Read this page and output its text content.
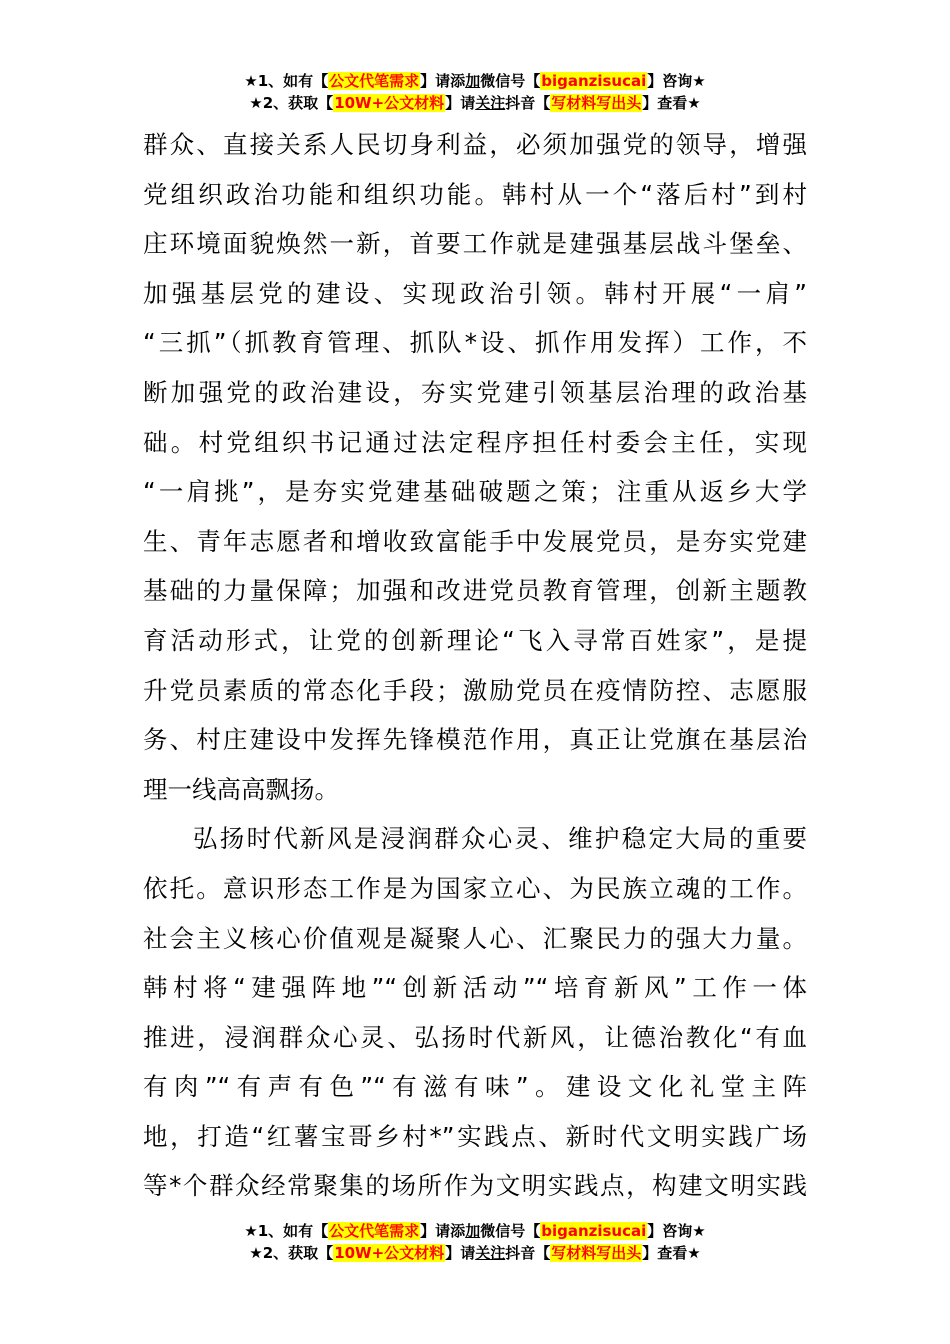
★1、如有【公文代笔需求】请添加微信号【biganzisucai】咨询★
★2、获取【10W+公文材料】请关注抖音【写材料写出头】查看★
群众、直接关系人民切身利益，必须加强党的领导，增强
党组织政治功能和组织功能。韩村从一个“落后村”到村
庄环境面貌焕然一新，首要工作就是建强基层战斗堡垒、
加强基层党的建设、实现政治引领。韩村开展“一肩”
“三抓”（抓教育管理、抓队*设、抓作用发挥）工作，不
断加强党的政治建设，夯实党建引领基层治理的政治基
础。村党组织书记通过法定程序担任村委会主任，实现
“一肩挑”，是夯实党建基础破题之策；注重从返乡大学
生、青年志愿者和增收致富能手中发展党员，是夯实党建
基础的力量保障；加强和改进党员教育管理，创新主题教
育活动形式，让党的创新理论“飞入寻常百姓家”，是提
升党员素质的常态化手段；激励党员在疫情防控、志愿服
务、村庄建设中发挥先锋模范作用，真正让党旗在基层治
理一线高高飘扬。
弘扬时代新风是浸润群众心灵、维护稳定大局的重要
依托。意识形态工作是为国家立心、为民族立魂的工作。
社会主义核心价值观是凝聚人心、汇聚民力的强大力量。
韩村将“建强阵地”“创新活动”“培育新风”工作一体
推进，浸润群众心灵、弘扬时代新风，让德治教化“有血
有肉”“有声有色”“有滋有味”。建设文化礼堂主阵
地，打造“红薯宝哥乡村*”实践点、新时代文明实践广场
等*个群众经常聚集的场所作为文明实践点，构建文明实践
★1、如有【公文代笔需求】请添加微信号【biganzisucai】咨询★
★2、获取【10W+公文材料】请关注抖音【写材料写出头】查看★
